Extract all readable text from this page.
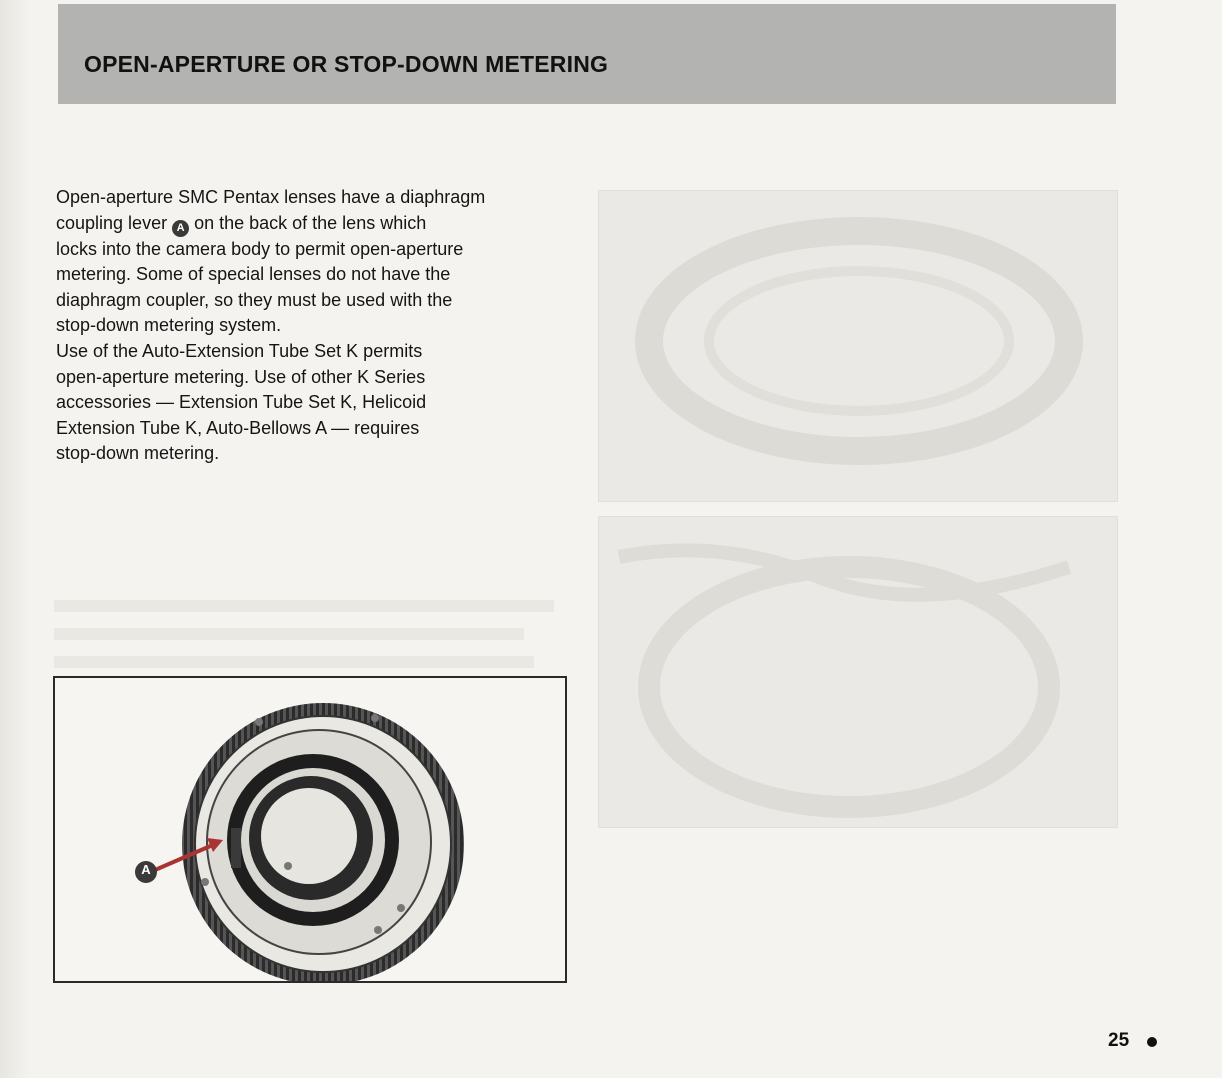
OPEN-APERTURE OR STOP-DOWN METERING

Open-aperture SMC Pentax lenses have a diaphragm

coupling lever A on the back of the lens which

locks into the camera body to permit open-aperture

metering. Some of special lenses do not have the

diaphragm coupler, so they must be used with the

stop-down metering system.

Use of the Auto-Extension Tube Set K permits

open-aperture metering. Use of other K Series

accessories — Extension Tube Set K, Helicoid

Extension Tube K, Auto-Bellows A — requires

stop-down metering.

A
25
